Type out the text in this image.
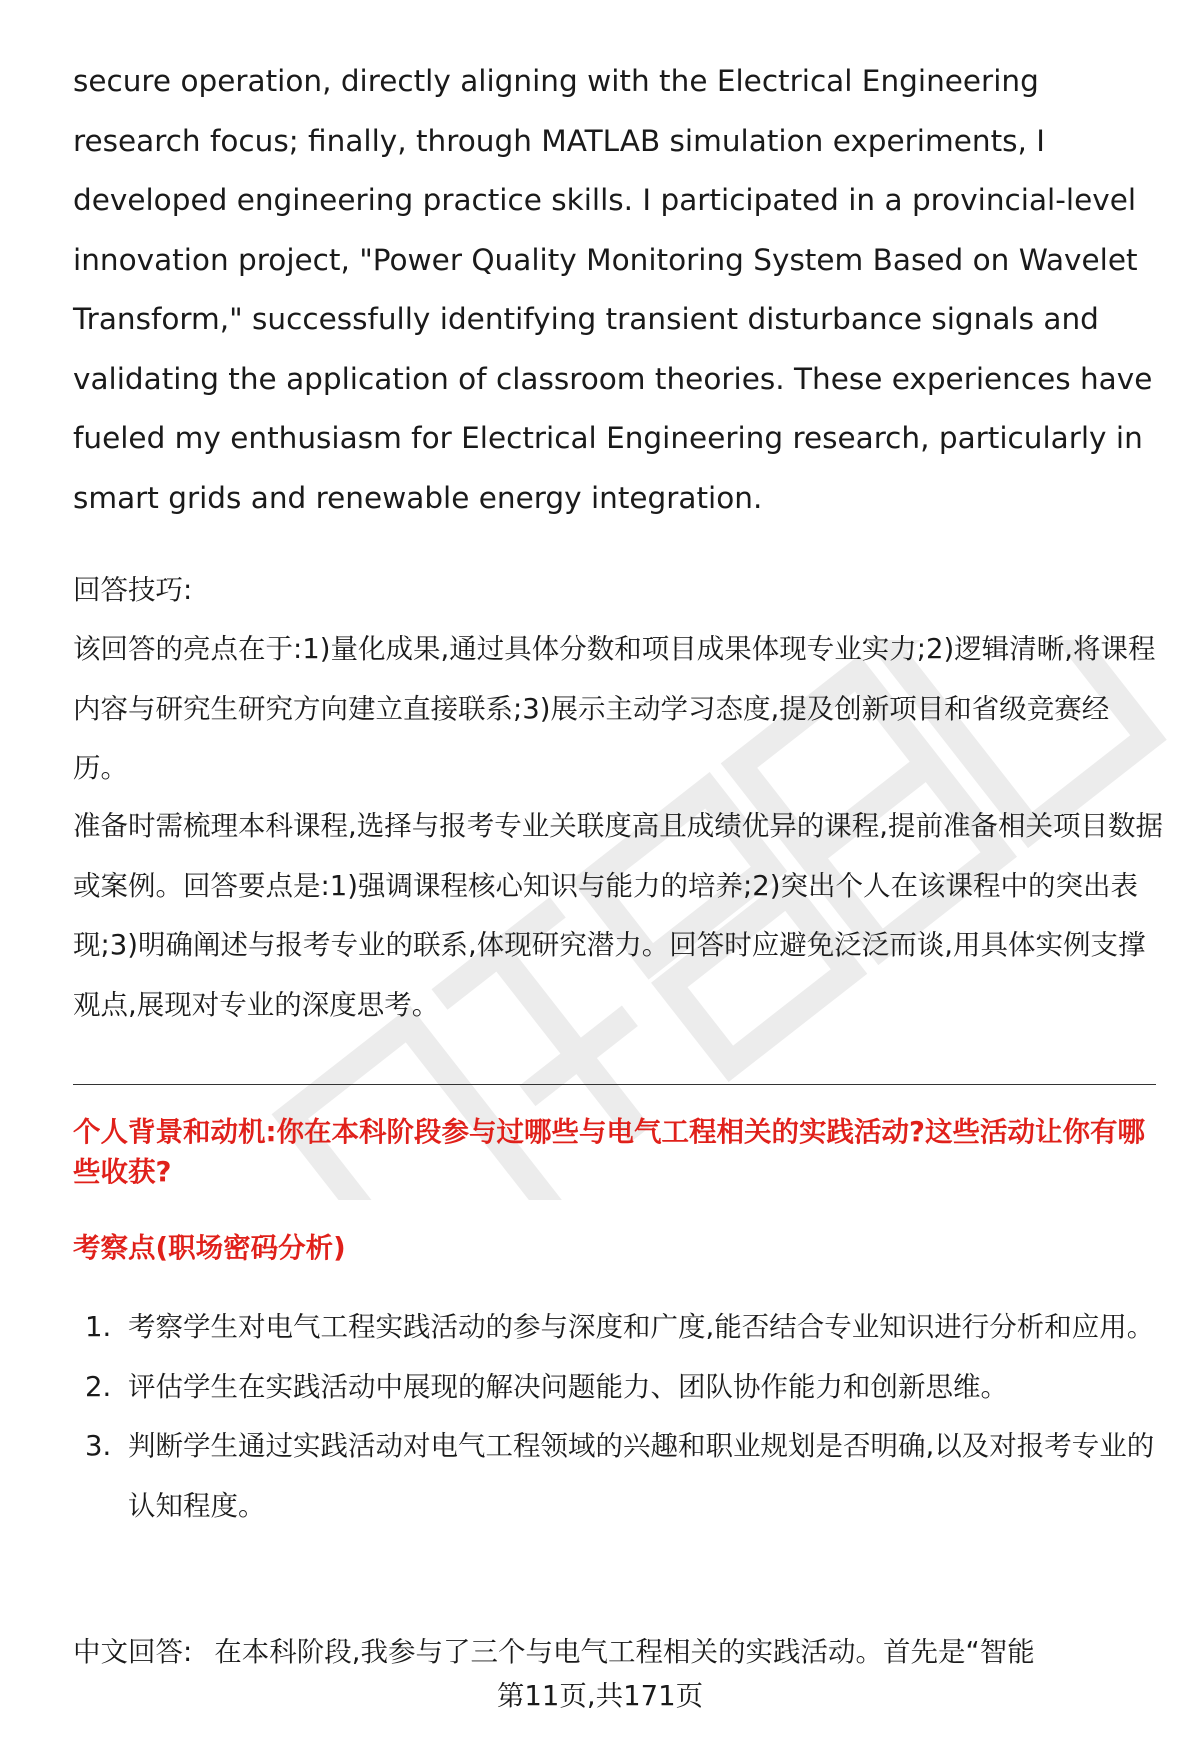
secure operation, directly aligning with the Electrical Engineering research focus; finally, through MATLAB simulation experiments, I developed engineering practice skills. I participated in a provincial-level innovation project, "Power Quality Monitoring System Based on Wavelet Transform," successfully identifying transient disturbance signals and validating the application of classroom theories. These experiences have fueled my enthusiasm for Electrical Engineering research, particularly in smart grids and renewable energy integration.

回答技巧:

该回答的亮点在于:1)量化成果,通过具体分数和项目成果体现专业实力;2)逻辑清晰,将课程内容与研究生研究方向建立直接联系;3)展示主动学习态度,提及创新项目和省级竞赛经历。

准备时需梳理本科课程,选择与报考专业关联度高且成绩优异的课程,提前准备相关项目数据或案例。回答要点是:1)强调课程核心知识与能力的培养;2)突出个人在该课程中的突出表现;3)明确阐述与报考专业的联系,体现研究潜力。回答时应避免泛泛而谈,用具体实例支撑观点,展现对专业的深度思考。

个人背景和动机:你在本科阶段参与过哪些与电气工程相关的实践活动?这些活动让你有哪些收获?

考察点(职场密码分析)

1. 考察学生对电气工程实践活动的参与深度和广度,能否结合专业知识进行分析和应用。
2. 评估学生在实践活动中展现的解决问题能力、团队协作能力和创新思维。
3. 判断学生通过实践活动对电气工程领域的兴趣和职业规划是否明确,以及对报考专业的认知程度。

中文回答: 在本科阶段,我参与了三个与电气工程相关的实践活动。首先是“智能

第11页,共171页
